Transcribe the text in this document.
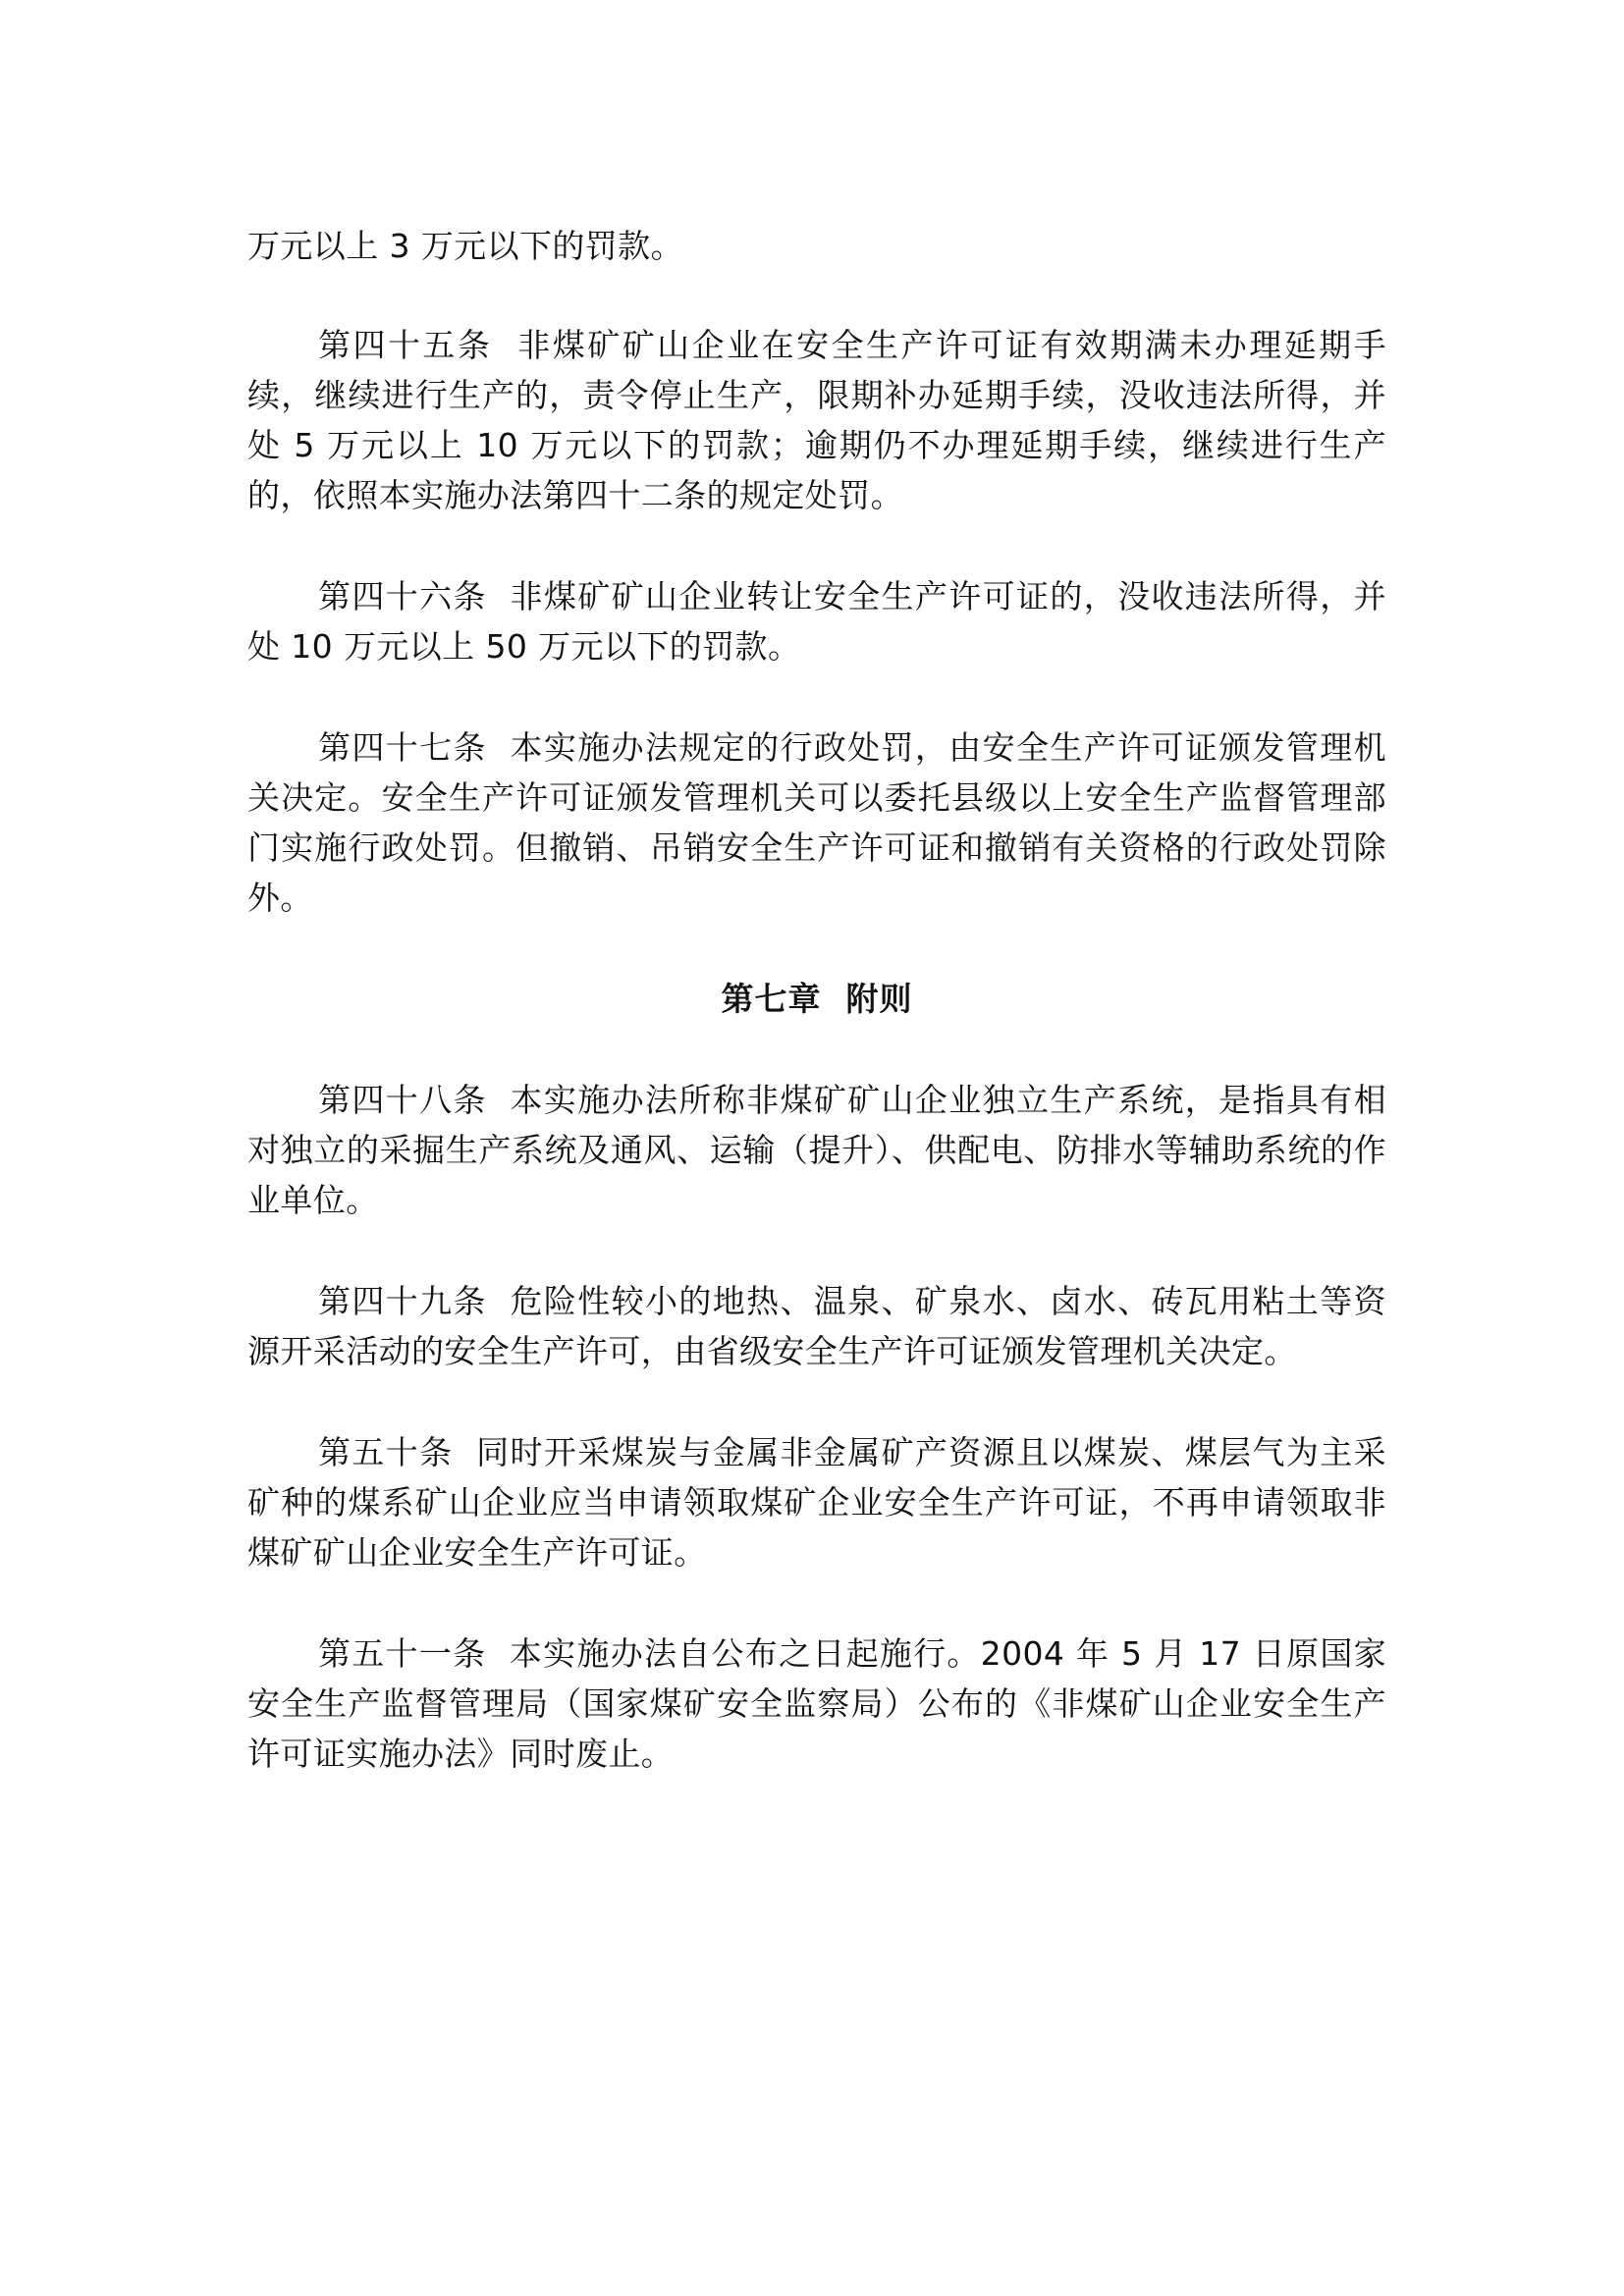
万元以上 3 万元以下的罚款。

第四十五条 非煤矿矿山企业在安全生产许可证有效期满未办理延期手续，继续进行生产的，责令停止生产，限期补办延期手续，没收违法所得，并处 5 万元以上 10 万元以下的罚款；逾期仍不办理延期手续，继续进行生产的，依照本实施办法第四十二条的规定处罚。

第四十六条 非煤矿矿山企业转让安全生产许可证的，没收违法所得，并处 10 万元以上 50 万元以下的罚款。

第四十七条 本实施办法规定的行政处罚，由安全生产许可证颁发管理机关决定。安全生产许可证颁发管理机关可以委托县级以上安全生产监督管理部门实施行政处罚。但撤销、吊销安全生产许可证和撤销有关资格的行政处罚除外。

第七章  附则

第四十八条 本实施办法所称非煤矿矿山企业独立生产系统，是指具有相对独立的采掘生产系统及通风、运输（提升）、供配电、防排水等辅助系统的作业单位。

第四十九条 危险性较小的地热、温泉、矿泉水、卤水、砖瓦用粘土等资源开采活动的安全生产许可，由省级安全生产许可证颁发管理机关决定。

第五十条 同时开采煤炭与金属非金属矿产资源且以煤炭、煤层气为主采矿种的煤系矿山企业应当申请领取煤矿企业安全生产许可证，不再申请领取非煤矿矿山企业安全生产许可证。

第五十一条 本实施办法自公布之日起施行。2004 年 5 月 17 日原国家安全生产监督管理局（国家煤矿安全监察局）公布的《非煤矿山企业安全生产许可证实施办法》同时废止。
